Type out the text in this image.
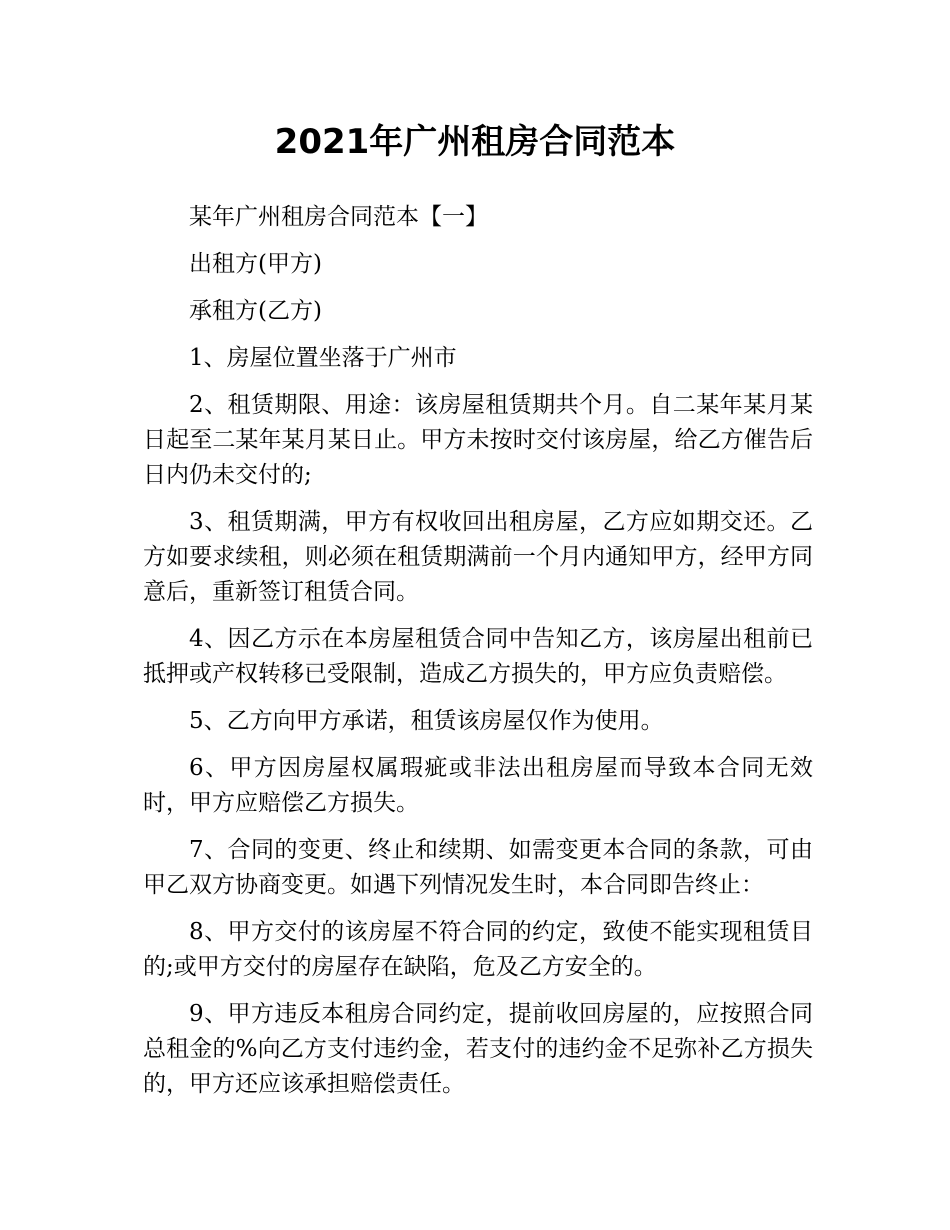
2021年广州租房合同范本

某年广州租房合同范本【一】

出租方(甲方)

承租方(乙方)

1、房屋位置坐落于广州市

2、租赁期限、用途：该房屋租赁期共个月。自二某年某月某日起至二某年某月某日止。甲方未按时交付该房屋，给乙方催告后日内仍未交付的;

3、租赁期满，甲方有权收回出租房屋，乙方应如期交还。乙方如要求续租，则必须在租赁期满前一个月内通知甲方，经甲方同意后，重新签订租赁合同。

4、因乙方示在本房屋租赁合同中告知乙方，该房屋出租前已抵押或产权转移已受限制，造成乙方损失的，甲方应负责赔偿。

5、乙方向甲方承诺，租赁该房屋仅作为使用。

6、甲方因房屋权属瑕疵或非法出租房屋而导致本合同无效时，甲方应赔偿乙方损失。

7、合同的变更、终止和续期、如需变更本合同的条款，可由甲乙双方协商变更。如遇下列情况发生时，本合同即告终止：

8、甲方交付的该房屋不符合同的约定，致使不能实现租赁目的;或甲方交付的房屋存在缺陷，危及乙方安全的。

9、甲方违反本租房合同约定，提前收回房屋的，应按照合同总租金的%向乙方支付违约金，若支付的违约金不足弥补乙方损失的，甲方还应该承担赔偿责任。
